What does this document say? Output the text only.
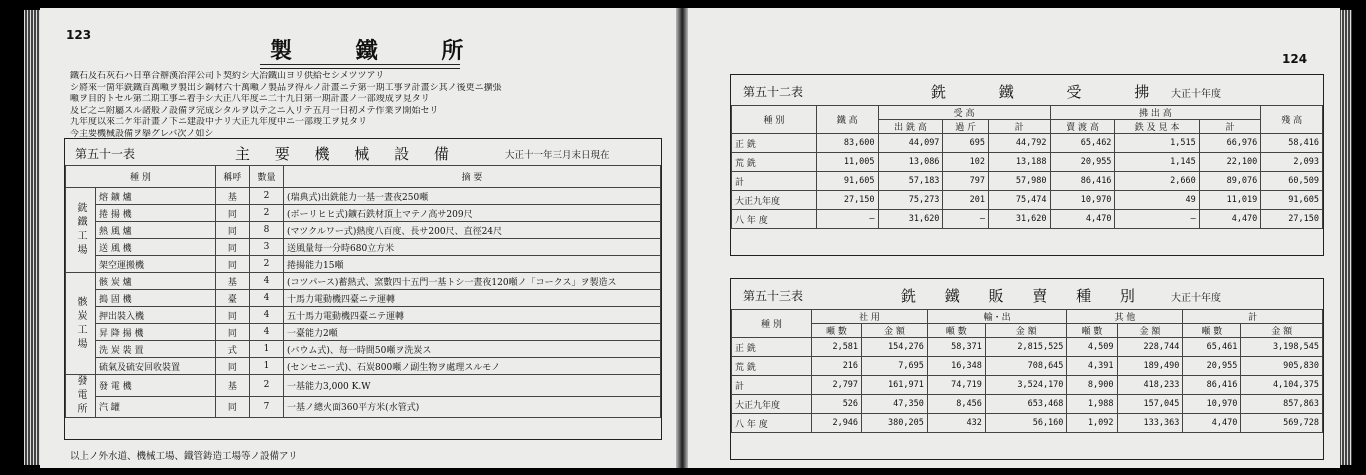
123
製 鐵 所
鐵石及石灰石ハ日華合辦漢冶萍公司ト契約シ大冶鐵山ヨリ供給セシメツツアリ
シ將來一箇年銑鐵百萬噸ヲ製出シ鋼材六十萬噸ノ製品ヲ得ルノ計畫ニテ第一期工事ヲ計畫シ其ノ後更ニ擴張
噸ヲ目的トセル第二期工事ニ着手シ大正八年度ニ二十九日第一期計畫ノ一部竣成ヲ見タリ
及ビ之ニ附屬スル諸般ノ設備ヲ完成シタルヲ以テ之ニ入リテ五月一日初メテ作業ヲ開始セリ
九年度以來二ケ年計畫ノ下ニ建設中ナリ大正九年度中ニ一部竣工ヲ見タリ
今主要機械設備ヲ擧グレバ次ノ如シ
第五十一表	主 要 機 械 設 備	大正十一年三月末日現在
種 別		稱呼	數量	摘 要
銑鐵工場	熔 鑛 爐	基	2	(瑞典式)出銑能力一基一晝夜250噸
	捲 揚 機	同	2	(ボーリヒヒ式)鑛石鉄材頂上マテノ高サ209尺
	熱 風 爐	同	8	(マツクルワー式)熱度八百度、長サ200尺、直徑24尺
	送 風 機	同	3	送風量每一分時680立方米
	架空運搬機	同	2	捲揚能力15噸
骸炭工場	骸 炭 爐	基	4	(コツパース)蓄熱式、窯數四十五門一基トシ一晝夜120噸ノ「コークス」ヲ製造ス
	搗 固 機	臺	4	十馬力電動機四臺ニテ運轉
	押出裝入機	同	4	五十馬力電動機四臺ニテ運轉
	昇 降 揚 機	同	4	一臺能力2噸
	洗 炭 裝 置	式	1	(バウム式)、每一時間50噸ヲ洗炭ス
	硫氣及硫安回收裝置	同	1	(センセニー式)、石炭800噸ノ副生物ヲ處理スルモノ
發電所	發 電 機	基	2	一基能力3,000 K.W
	汽 罐	同	7	一基ノ總火面360平方米(水管式)
以上ノ外水道、機械工場、鐵管鋳造工場等ノ設備アリ
124
第五十二表	銑 鐵 受 拂
大正十年度
種 別	鐵 高	受 高			拂 出 高			殘 高
		出 銑 高	過 斤	計	賣 渡 高	鉄 及 見 本	計	
正 銑	83,600	44,097	695	44,792	65,462	1,515	66,976	58,416
荒 銑	11,005	13,086	102	13,188	20,955	1,145	22,100	2,093
計	91,605	57,183	797	57,980	86,416	2,660	89,076	60,509
大正九年度	27,150	75,273	201	75,474	10,970	49	11,019	91,605
八 年 度	—	31,620	—	31,620	4,470	—	4,470	27,150
第五十三表	銑 鐵 販 賣 種 別 大正十年度
種 別	社 用		輸・出		其 他		計	
	噸 數	金 額	噸 數	金 額	噸 數	金 額	噸 數	金 額
正 銑	2,581	154,276	58,371	2,815,525	4,509	228,744	65,461	3,198,545
荒 銑	216	7,695	16,348	708,645	4,391	189,490	20,955	905,830
計	2,797	161,971	74,719	3,524,170	8,900	418,233	86,416	4,104,375
大正九年度	526	47,350	8,456	653,468	1,988	157,045	10,970	857,863
八 年 度	2,946	380,205	432	56,160	1,092	133,363	4,470	569,728
